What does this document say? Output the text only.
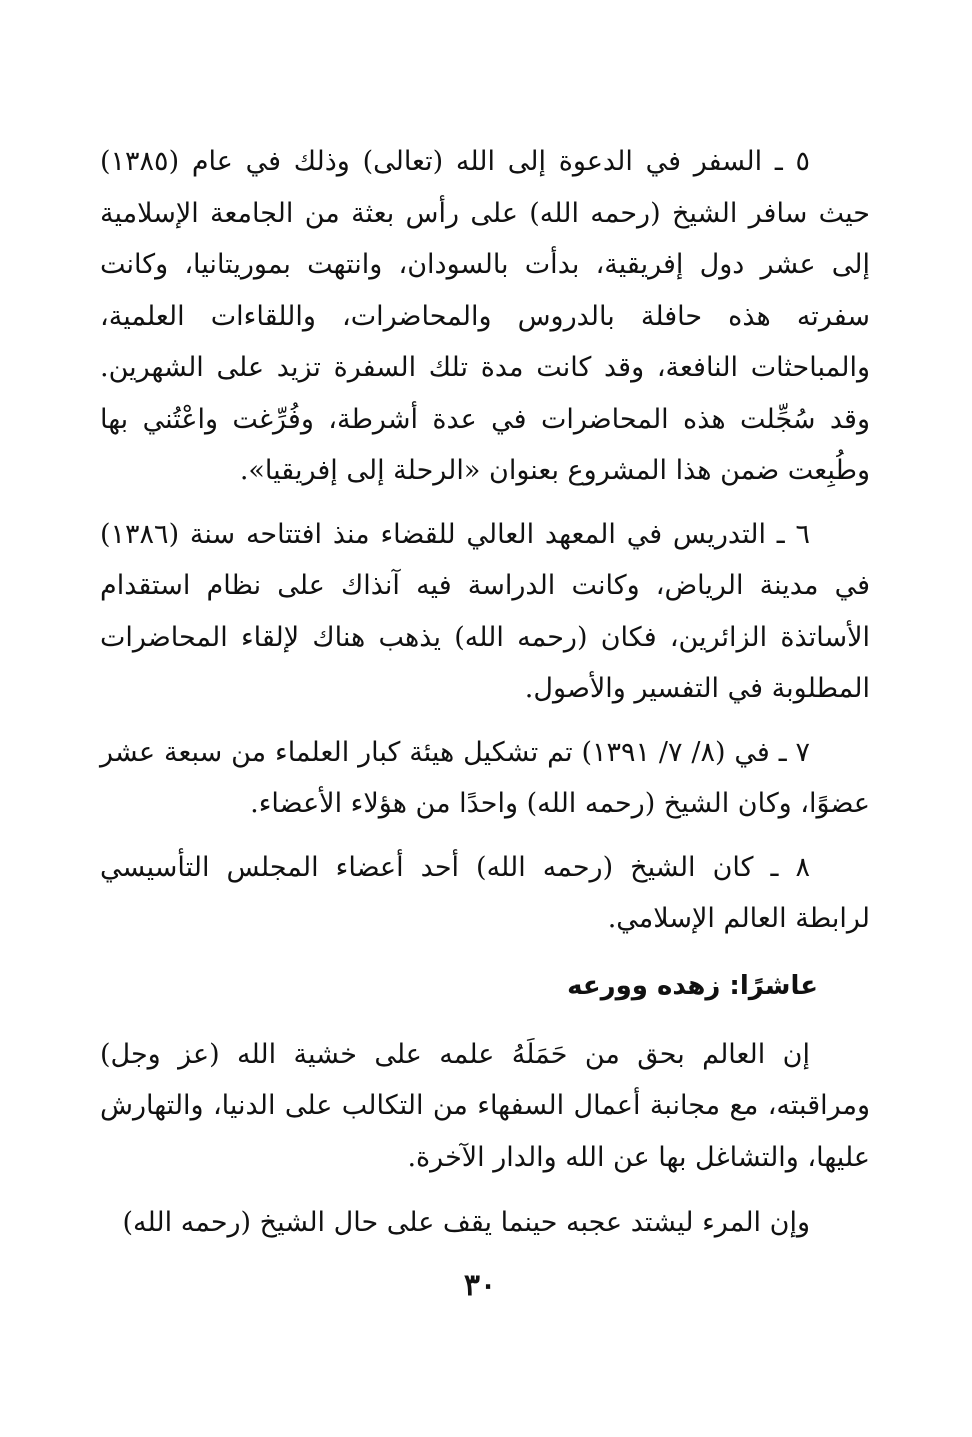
٥ ـ السفر في الدعوة إلى الله (تعالى) وذلك في عام (١٣٨٥) حيث سافر الشيخ (رحمه الله) على رأس بعثة من الجامعة الإسلامية إلى عشر دول إفريقية، بدأت بالسودان، وانتهت بموريتانيا، وكانت سفرته هذه حافلة بالدروس والمحاضرات، واللقاءات العلمية، والمباحثات النافعة، وقد كانت مدة تلك السفرة تزيد على الشهرين. وقد سُجِّلت هذه المحاضرات في عدة أشرطة، وفُرِّغت واعْتُني بها وطُبِعت ضمن هذا المشروع بعنوان «الرحلة إلى إفريقيا».

٦ ـ التدريس في المعهد العالي للقضاء منذ افتتاحه سنة (١٣٨٦) في مدينة الرياض، وكانت الدراسة فيه آنذاك على نظام استقدام الأساتذة الزائرين، فكان (رحمه الله) يذهب هناك لإلقاء المحاضرات المطلوبة في التفسير والأصول.

٧ ـ في (٨/ ٧/ ١٣٩١) تم تشكيل هيئة كبار العلماء من سبعة عشر عضوًا، وكان الشيخ (رحمه الله) واحدًا من هؤلاء الأعضاء.

٨ ـ كان الشيخ (رحمه الله) أحد أعضاء المجلس التأسيسي لرابطة العالم الإسلامي.

عاشرًا: زهده وورعه

إن العالم بحق من حَمَلَهُ علمه على خشية الله (عز وجل) ومراقبته، مع مجانبة أعمال السفهاء من التكالب على الدنيا، والتهارش عليها، والتشاغل بها عن الله والدار الآخرة.

وإن المرء ليشتد عجبه حينما يقف على حال الشيخ (رحمه الله)

٣٠
